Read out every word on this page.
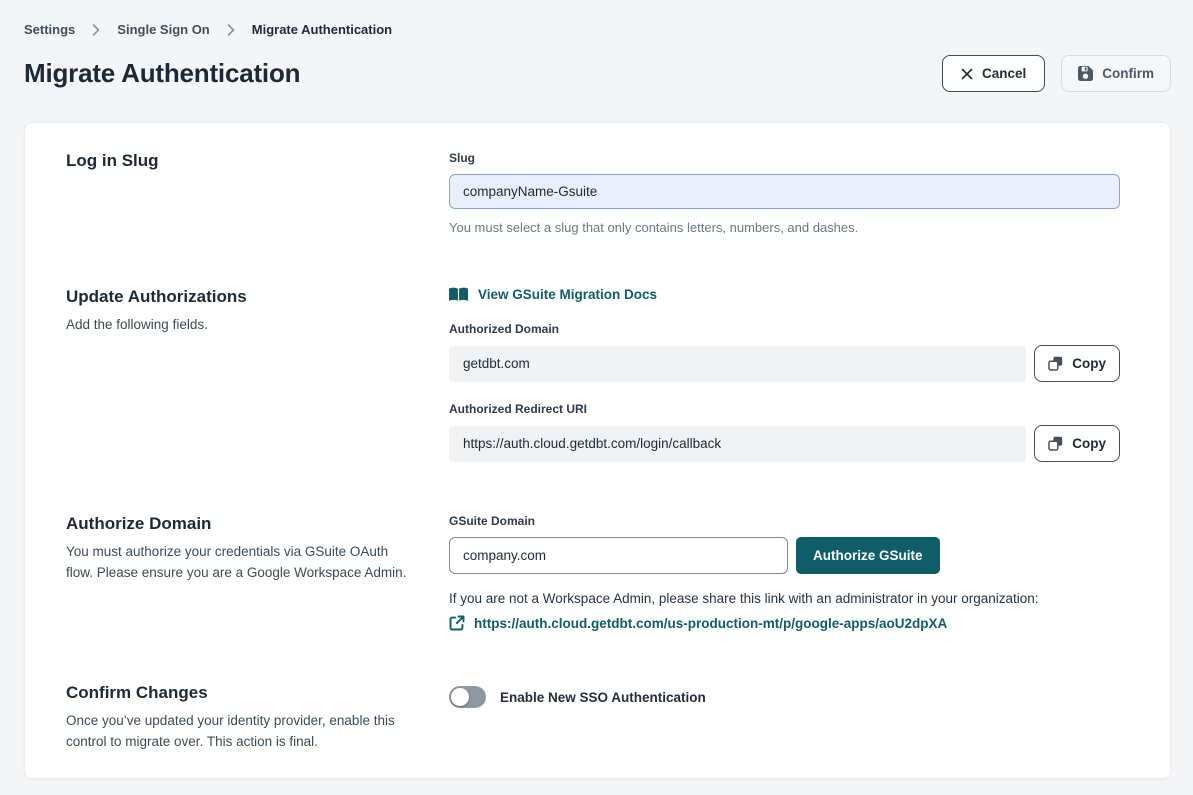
Settings	Single Sign On	Migrate Authentication
Migrate Authentication	Cancel	Confirm
Log in Slug	Slug
companyName-Gsuite
You must select a slug that only contains letters, numbers, and dashes.
Update Authorizations

Add the following fields.

View GSuite Migration Docs
Authorized Domain
getdbt.com	Copy
Authorized Redirect URI
https://auth.cloud.getdbt.com/login/callback	Copy
Authorize Domain

You must authorize your credentials via GSuite OAuth flow. Please ensure you are a Google Workspace Admin.

GSuite Domain
company.com
Authorize GSuite
If you are not a Workspace Admin, please share this link with an administrator in your organization:
https://auth.cloud.getdbt.com/us-production-mt/p/google-apps/aoU2dpXA
Confirm Changes

Once you’ve updated your identity provider, enable this control to migrate over. This action is final.

Enable New SSO Authentication
